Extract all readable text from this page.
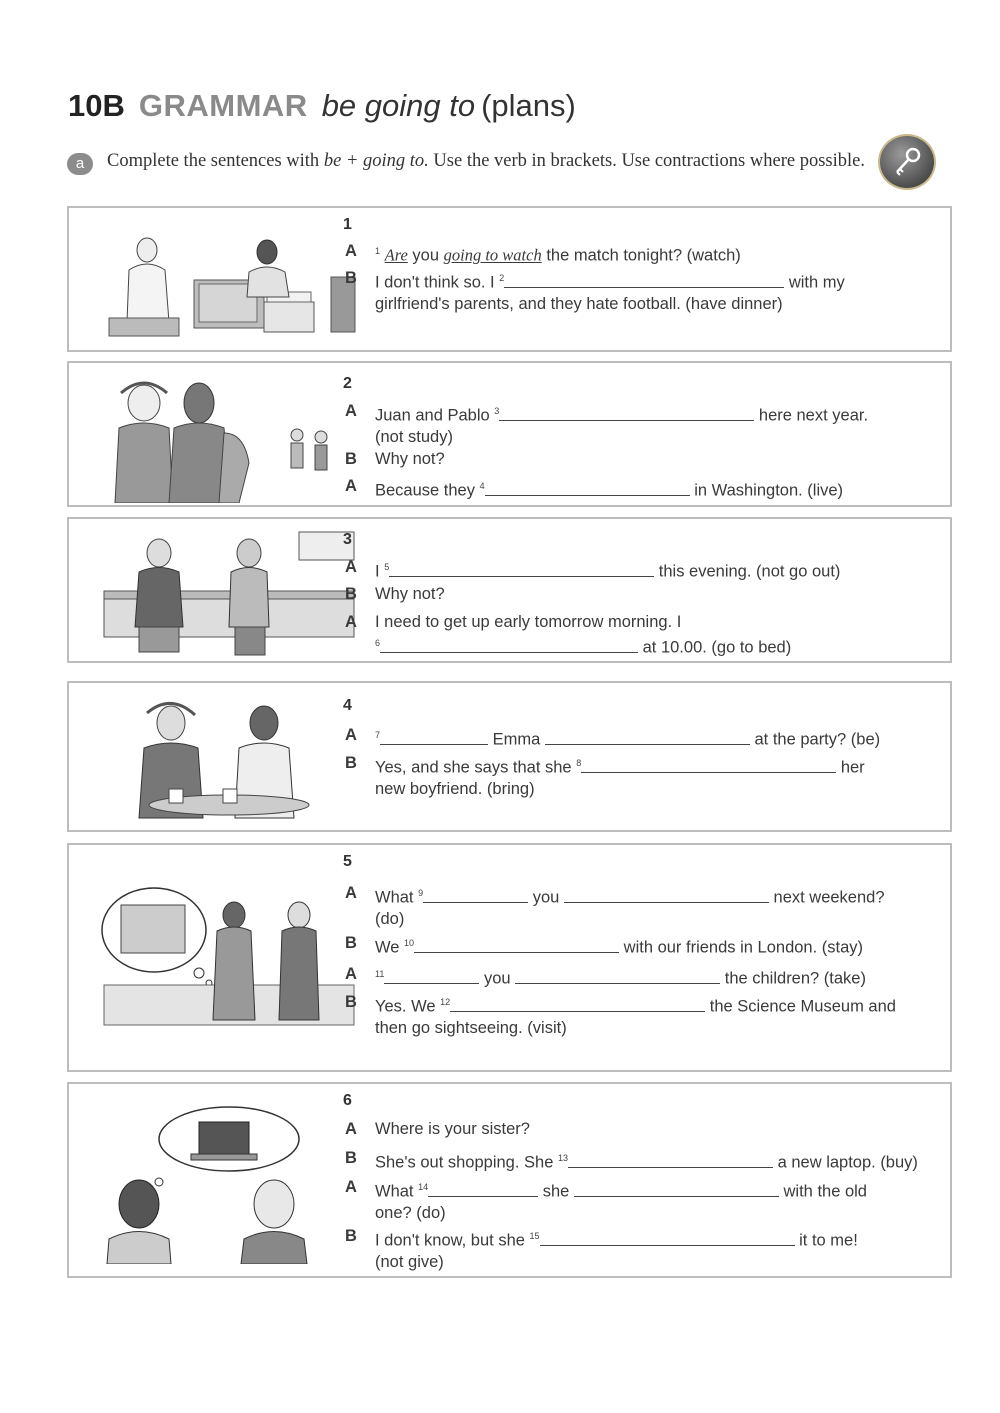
10B GRAMMAR be going to (plans)
a	Complete the sentences with be + going to. Use the verb in brackets. Use contractions where possible.
1
A $^1$ Are you going to watch the match tonight? (watch)
B I don't think so. I $^2$	with my girlfriend's parents, and they hate football. (have dinner)
2
A Juan and Pablo $^3$	here next year.
(not study)
B Why not?
A Because they $^4$	in Washington. (live)
3
A I $^5$	this evening. (not go out)
B Why not?
A I need to get up early tomorrow morning. I
$^6$	at 10.00. (go to bed)
4
A $^7$	Emma	at the party? (be)
B Yes, and she says that she $^8$	her
new boyfriend. (bring)
5
A What $^9$	you	next weekend?
(do)
B We $^{10}$	with our friends in London. (stay)
A $^{11}$	you	the children? (take)
B Yes. We $^{12}$	the Science Museum and
then go sightseeing. (visit)
6
A Where is your sister?
B She's out shopping. She $^{13}$	a new laptop. (buy)
A What $^{14}$	she	with the old
one? (do)
B I don't know, but she $^{15}$	it to me!
(not give)
